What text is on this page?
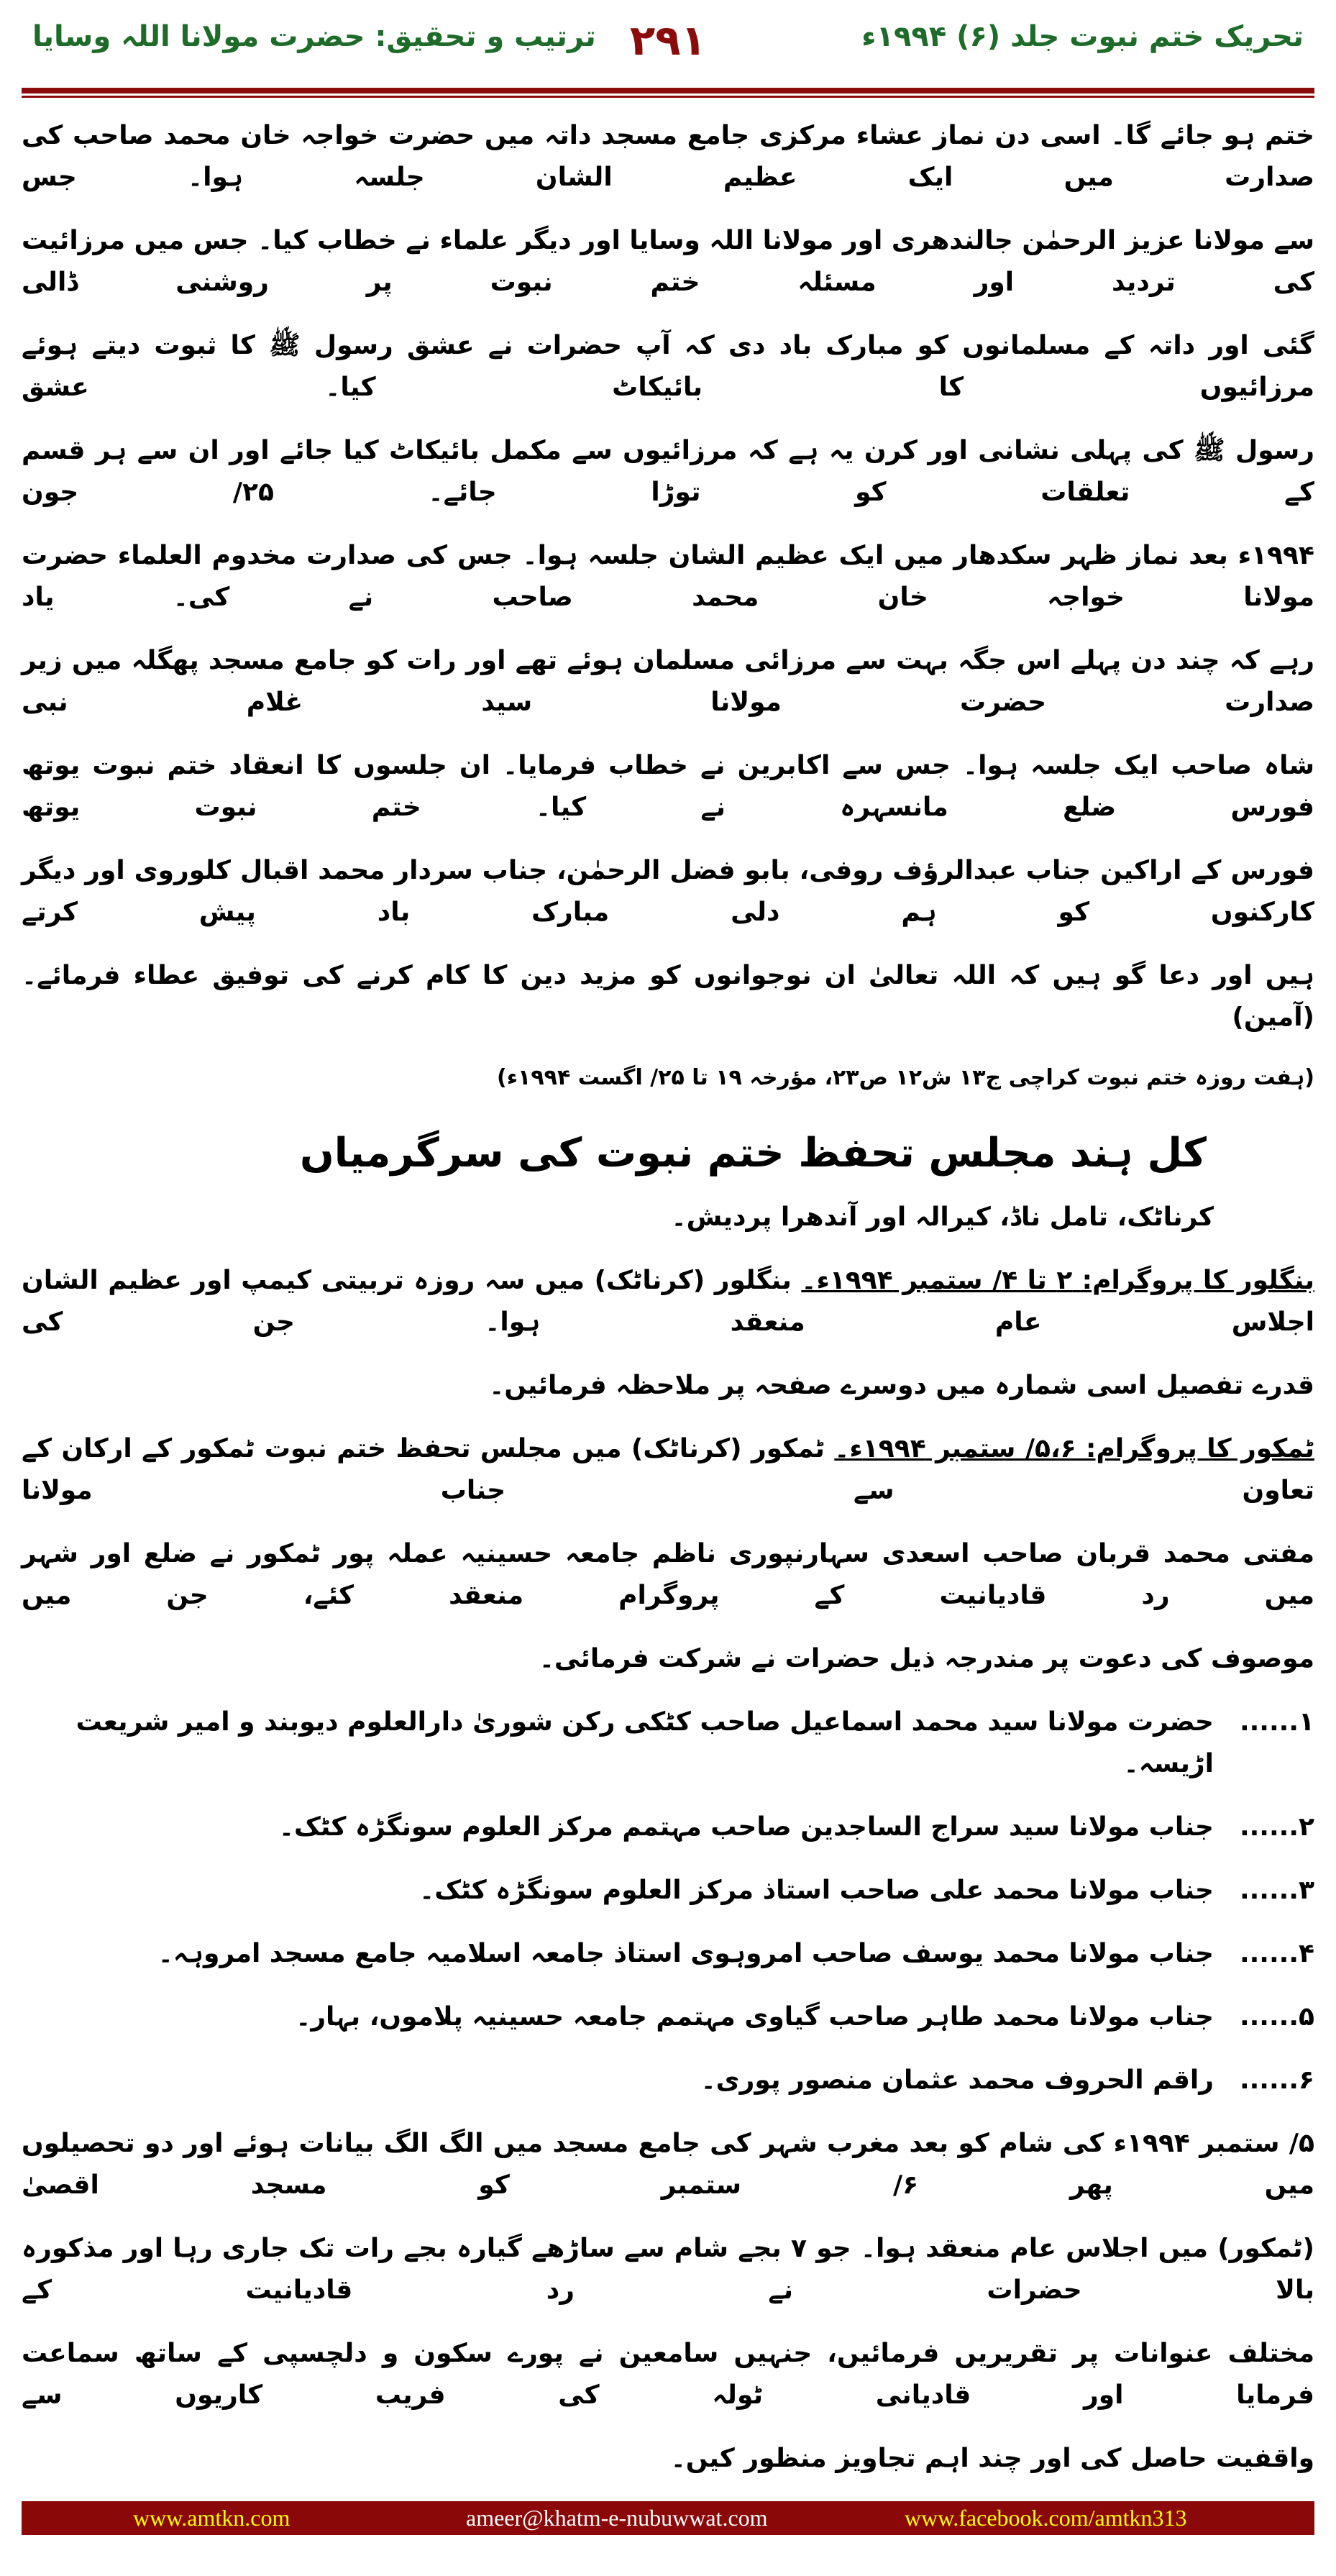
تحریک ختم نبوت جلد (۶) ۱۹۹۴ء
۲۹۱
ترتیب و تحقیق: حضرت مولانا اللہ وسایا
ختم ہو جائے گا۔ اسی دن نماز عشاء مرکزی جامع مسجد داتہ میں حضرت خواجہ خان محمد صاحب کی صدارت میں ایک عظیم الشان جلسہ ہوا۔ جس
سے مولانا عزیز الرحمٰن جالندھری اور مولانا اللہ وسایا اور دیگر علماء نے خطاب کیا۔ جس میں مرزائیت کی تردید اور مسئلہ ختم نبوت پر روشنی ڈالی
گئی اور داتہ کے مسلمانوں کو مبارک باد دی کہ آپ حضرات نے عشق رسول ﷺ کا ثبوت دیتے ہوئے مرزائیوں کا بائیکاٹ کیا۔ عشق
رسول ﷺ کی پہلی نشانی اور کرن یہ ہے کہ مرزائیوں سے مکمل بائیکاٹ کیا جائے اور ان سے ہر قسم کے تعلقات کو توڑا جائے۔ ۲۵/ جون
۱۹۹۴ء بعد نماز ظہر سکدھار میں ایک عظیم الشان جلسہ ہوا۔ جس کی صدارت مخدوم العلماء حضرت مولانا خواجہ خان محمد صاحب نے کی۔ یاد
رہے کہ چند دن پہلے اس جگہ بہت سے مرزائی مسلمان ہوئے تھے اور رات کو جامع مسجد پھگلہ میں زیر صدارت حضرت مولانا سید غلام نبی
شاہ صاحب ایک جلسہ ہوا۔ جس سے اکابرین نے خطاب فرمایا۔ ان جلسوں کا انعقاد ختم نبوت یوتھ فورس ضلع مانسہرہ نے کیا۔ ختم نبوت یوتھ
فورس کے اراکین جناب عبدالرؤف روفی، بابو فضل الرحمٰن، جناب سردار محمد اقبال کلوروی اور دیگر کارکنوں کو ہم دلی مبارک باد پیش کرتے
ہیں اور دعا گو ہیں کہ اللہ تعالیٰ ان نوجوانوں کو مزید دین کا کام کرنے کی توفیق عطاء فرمائے۔ (آمین)
(ہفت روزہ ختم نبوت کراچی ج۱۳ ش۱۲ ص۲۳، مؤرخہ ۱۹ تا ۲۵/ اگست ۱۹۹۴ء)
کل ہند مجلس تحفظ ختم نبوت کی سرگرمیاں
کرناٹک، تامل ناڈ، کیرالہ اور آندھرا پردیش۔
بنگلور کا پروگرام: ۲ تا ۴/ ستمبر ۱۹۹۴ء۔ بنگلور (کرناٹک) میں سہ روزہ تربیتی کیمپ اور عظیم الشان اجلاس عام منعقد ہوا۔ جن کی
قدرے تفصیل اسی شمارہ میں دوسرے صفحہ پر ملاحظہ فرمائیں۔
ٹمکور کا پروگرام: ۵،۶/ ستمبر ۱۹۹۴ء۔ ٹمکور (کرناٹک) میں مجلس تحفظ ختم نبوت ٹمکور کے ارکان کے تعاون سے جناب مولانا
مفتی محمد قربان صاحب اسعدی سہارنپوری ناظم جامعہ حسینیہ عملہ پور ٹمکور نے ضلع اور شہر میں رد قادیانیت کے پروگرام منعقد کئے، جن میں
موصوف کی دعوت پر مندرجہ ذیل حضرات نے شرکت فرمائی۔
۱......
حضرت مولانا سید محمد اسماعیل صاحب کٹکی رکن شوریٰ دارالعلوم دیوبند و امیر شریعت اڑیسہ۔
۲......
جناب مولانا سید سراج الساجدین صاحب مہتمم مرکز العلوم سونگڑہ کٹک۔
۳......
جناب مولانا محمد علی صاحب استاذ مرکز العلوم سونگڑہ کٹک۔
۴......
جناب مولانا محمد یوسف صاحب امروہوی استاذ جامعہ اسلامیہ جامع مسجد امروہہ۔
۵......
جناب مولانا محمد طاہر صاحب گیاوی مہتمم جامعہ حسینیہ پلاموں، بہار۔
۶......
راقم الحروف محمد عثمان منصور پوری۔
۵/ ستمبر ۱۹۹۴ء کی شام کو بعد مغرب شہر کی جامع مسجد میں الگ الگ بیانات ہوئے اور دو تحصیلوں میں پھر ۶/ ستمبر کو مسجد اقصیٰ
(ٹمکور) میں اجلاس عام منعقد ہوا۔ جو ۷ بجے شام سے ساڑھے گیارہ بجے رات تک جاری رہا اور مذکورہ بالا حضرات نے رد قادیانیت کے
مختلف عنوانات پر تقریریں فرمائیں، جنہیں سامعین نے پورے سکون و دلچسپی کے ساتھ سماعت فرمایا اور قادیانی ٹولہ کی فریب کاریوں سے
واقفیت حاصل کی اور چند اہم تجاویز منظور کیں۔
www.amtkn.com	ameer@khatm-e-nubuwwat.com	www.facebook.com/amtkn313
